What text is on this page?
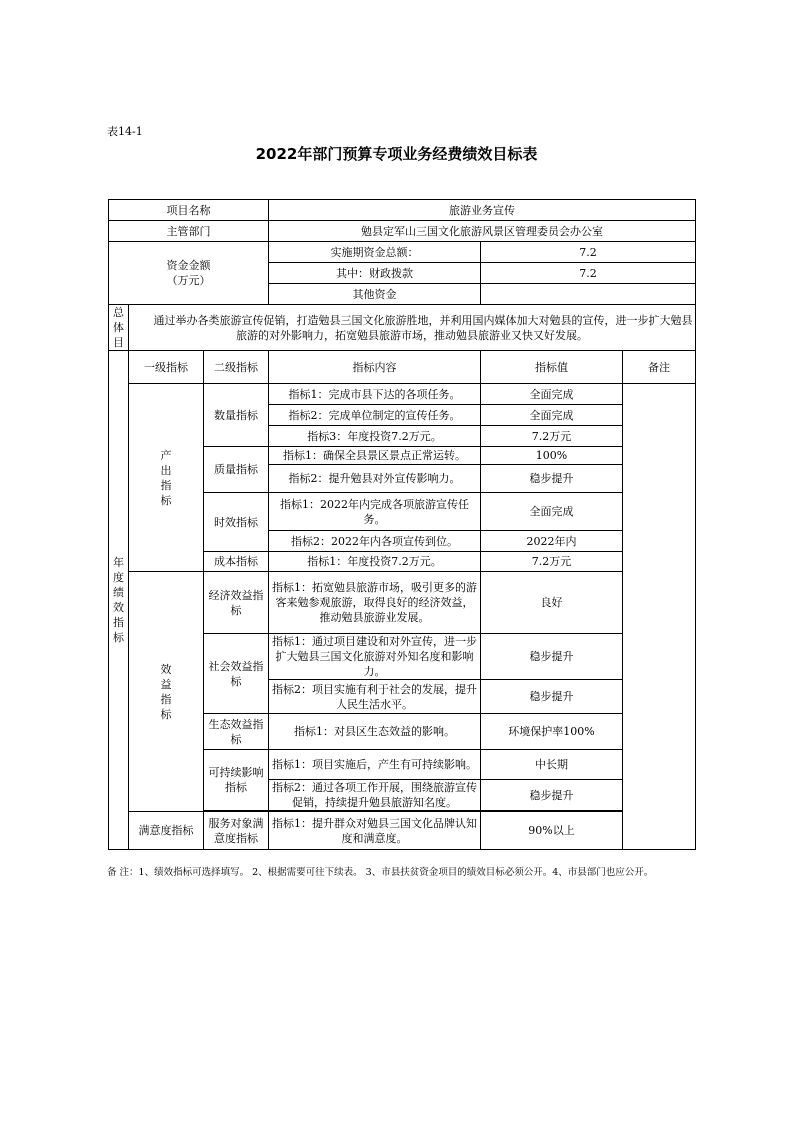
表14-1
2022年部门预算专项业务经费绩效目标表
项目名称			旅游业务宣传			
主管部门			勉县定军山三国文化旅游风景区管理委员会办公室			
资金金额
（万元）			实施期资金总额：	7.2		
			其中：财政拨款	7.2		
			其他资金			
总体目	通过举办各类旅游宣传促销，打造勉县三国文化旅游胜地，并利用国内媒体加大对勉县的宣传，进一步扩大勉县旅游的对外影响力，拓宽勉县旅游市场，推动勉县旅游业又快又好发展。					
年度绩效指标	一级指标	二级指标	指标内容	指标值	备注	
	产出指标	数量指标	指标1：完成市县下达的各项任务。	全面完成		
			指标2：完成单位制定的宣传任务。	全面完成		
			指标3：年度投资7.2万元。	7.2万元		
		质量指标	指标1：确保全县景区景点正常运转。	100%		
			指标2：提升勉县对外宣传影响力。	稳步提升		
		时效指标	指标1：2022年内完成各项旅游宣传任务。	全面完成		
			指标2：2022年内各项宣传到位。	2022年内		
		成本指标	指标1：年度投资7.2万元。	7.2万元		
	效益指标	经济效益指标	指标1：拓宽勉县旅游市场，吸引更多的游客来勉参观旅游，取得良好的经济效益，推动勉县旅游业发展。	良好		
		社会效益指标	指标1：通过项目建设和对外宣传，进一步扩大勉县三国文化旅游对外知名度和影响力。	稳步提升		
			指标2：项目实施有利于社会的发展，提升人民生活水平。	稳步提升		
		生态效益指标	指标1：对县区生态效益的影响。	环境保护率100%		
		可持续影响指标	指标1：项目实施后，产生有可持续影响。	中长期		
			指标2：通过各项工作开展，围绕旅游宣传促销，持续提升勉县旅游知名度。	稳步提升		

	满意度指标	服务对象满意度指标	指标1：提升群众对勉县三国文化品牌认知度和满意度。	90%以上		
备 注：1、绩效指标可选择填写。 2、根据需要可往下续表。 3、市县扶贫资金项目的绩效目标必须公开。4、市县部门也应公开。
